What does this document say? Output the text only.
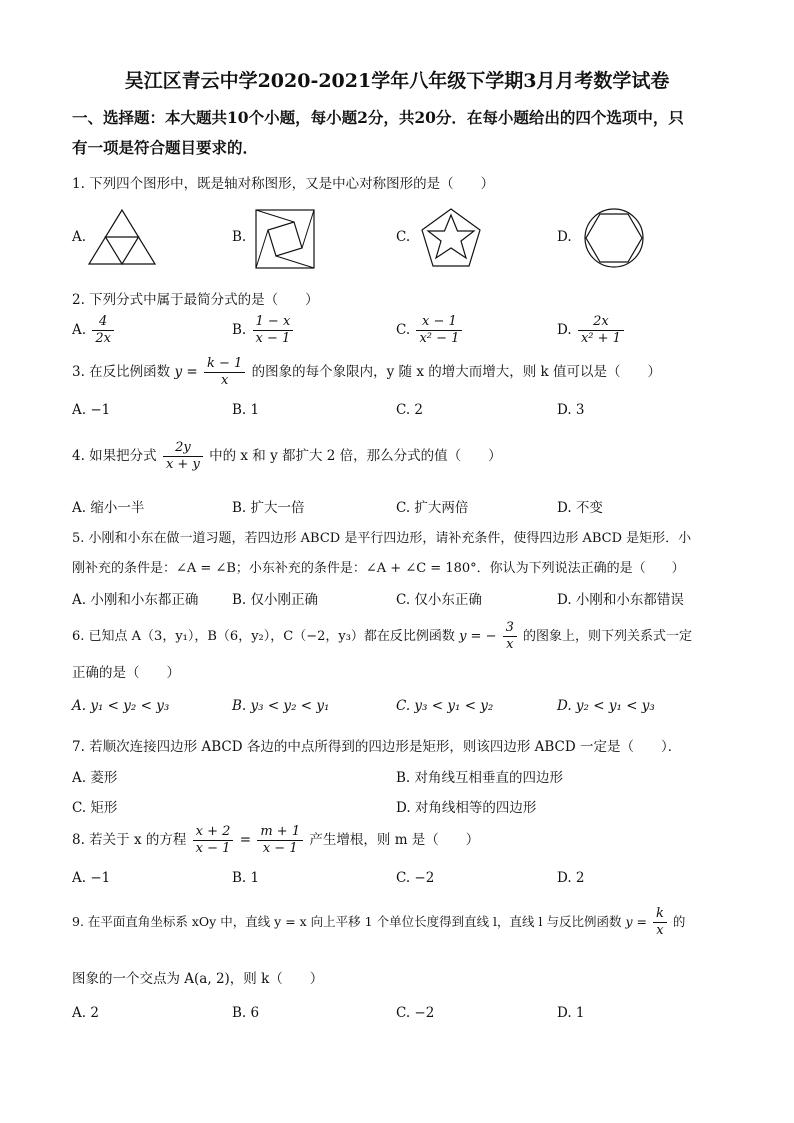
吴江区青云中学2020-2021学年八年级下学期3月月考数学试卷
一、选择题：本大题共10个小题，每小题2分，共20分．在每小题给出的四个选项中，只
有一项是符合题目要求的．
1. 下列四个图形中，既是轴对称图形，又是中心对称图形的是（　　）
A.	B.	C.	D.
2. 下列分式中属于最简分式的是（　　）
A. $\frac{4}{2x}$	B. $\frac{1 - x}{x - 1}$	C. $\frac{x - 1}{\text{x² − 1}}$	D. $\frac{2x}{\text{x² + 1}}$
3. 在反比例函数 $y = \frac{k - 1}{x}$ 的图象的每个象限内，y 随 x 的增大而增大，则 k 值可以是（　　）
A. −1	B. 1	C. 2	D. 3
4. 如果把分式 $\frac{2y}{x + y}$ 中的 x 和 y 都扩大 2 倍，那么分式的值（　　）
A. 缩小一半	B. 扩大一倍	C. 扩大两倍	D. 不变
5. 小刚和小东在做一道习题，若四边形 ABCD 是平行四边形，请补充条件，使得四边形 ABCD 是矩形．小
刚补充的条件是：∠A = ∠B；小东补充的条件是：∠A + ∠C = 180°．你认为下列说法正确的是（　　）
A. 小刚和小东都正确 B. 仅小刚正确	C. 仅小东正确	D. 小刚和小东都错误
6. 已知点 A（3，y₁），B（6，y₂），C（−2，y₃）都在反比例函数 y = − $\frac{3}{x}$ 的图象上，则下列关系式一定
正确的是（　　）
A. y₁ < y₂ < y₃	B. y₃ < y₂ < y₁	C. y₃ < y₁ < y₂	D. y₂ < y₁ < y₃
7. 若顺次连接四边形 ABCD 各边的中点所得到的四边形是矩形，则该四边形 ABCD 一定是（　　）．
A. 菱形	B. 对角线互相垂直的四边形
C. 矩形	D. 对角线相等的四边形
8. 若关于 x 的方程 $\frac{x + 2}{x - 1} = \frac{m + 1}{x - 1}$ 产生增根，则 m 是（　　）
A. −1	B. 1	C. −2	D. 2
9. 在平面直角坐标系 xOy 中，直线 y = x 向上平移 1 个单位长度得到直线 l，直线 l 与反比例函数 $y = \frac{k}{x}$ 的
图象的一个交点为 A(a, 2)，则 k（　　）
A. 2	B. 6	C. −2	D. 1
